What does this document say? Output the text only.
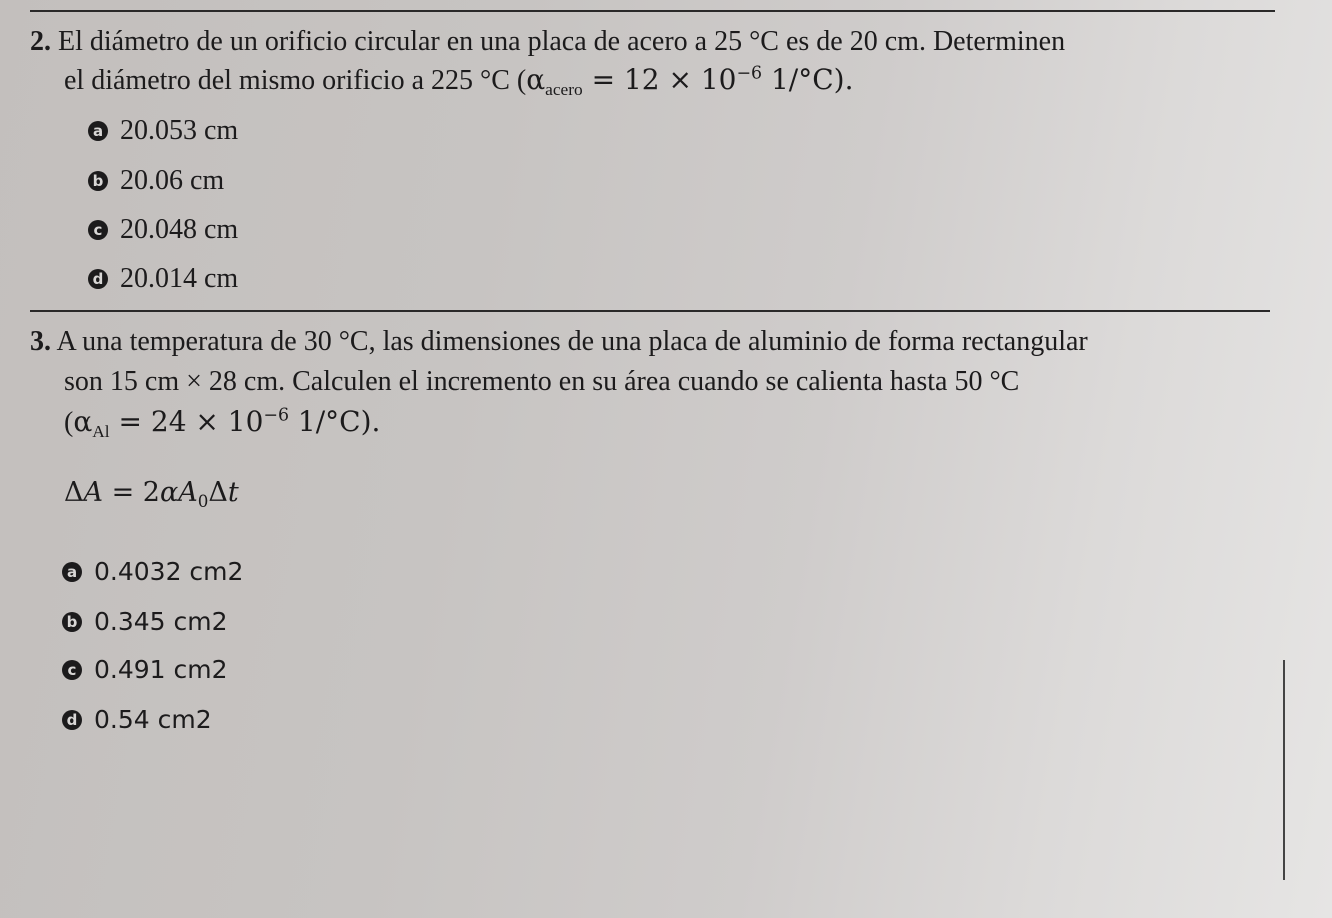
2. El diámetro de un orificio circular en una placa de acero a 25 °C es de 20 cm. Determinen
el diámetro del mismo orificio a 225 °C ($\alpha_{acero} = 12 \times 10^{-6}$ 1/°C).
a 20.053 cm
b 20.06 cm
c 20.048 cm
d 20.014 cm
3. A una temperatura de 30 °C, las dimensiones de una placa de aluminio de forma rectangular
son 15 cm × 28 cm. Calculen el incremento en su área cuando se calienta hasta 50 °C
($\alpha_{Al} = 24 \times 10^{-6}$ 1/°C).
$\Delta A = 2\alpha A_0\Delta t$
a 0.4032 cm 2
b 0.345 cm 2
c 0.491 cm 2
d 0.54 cm 2
